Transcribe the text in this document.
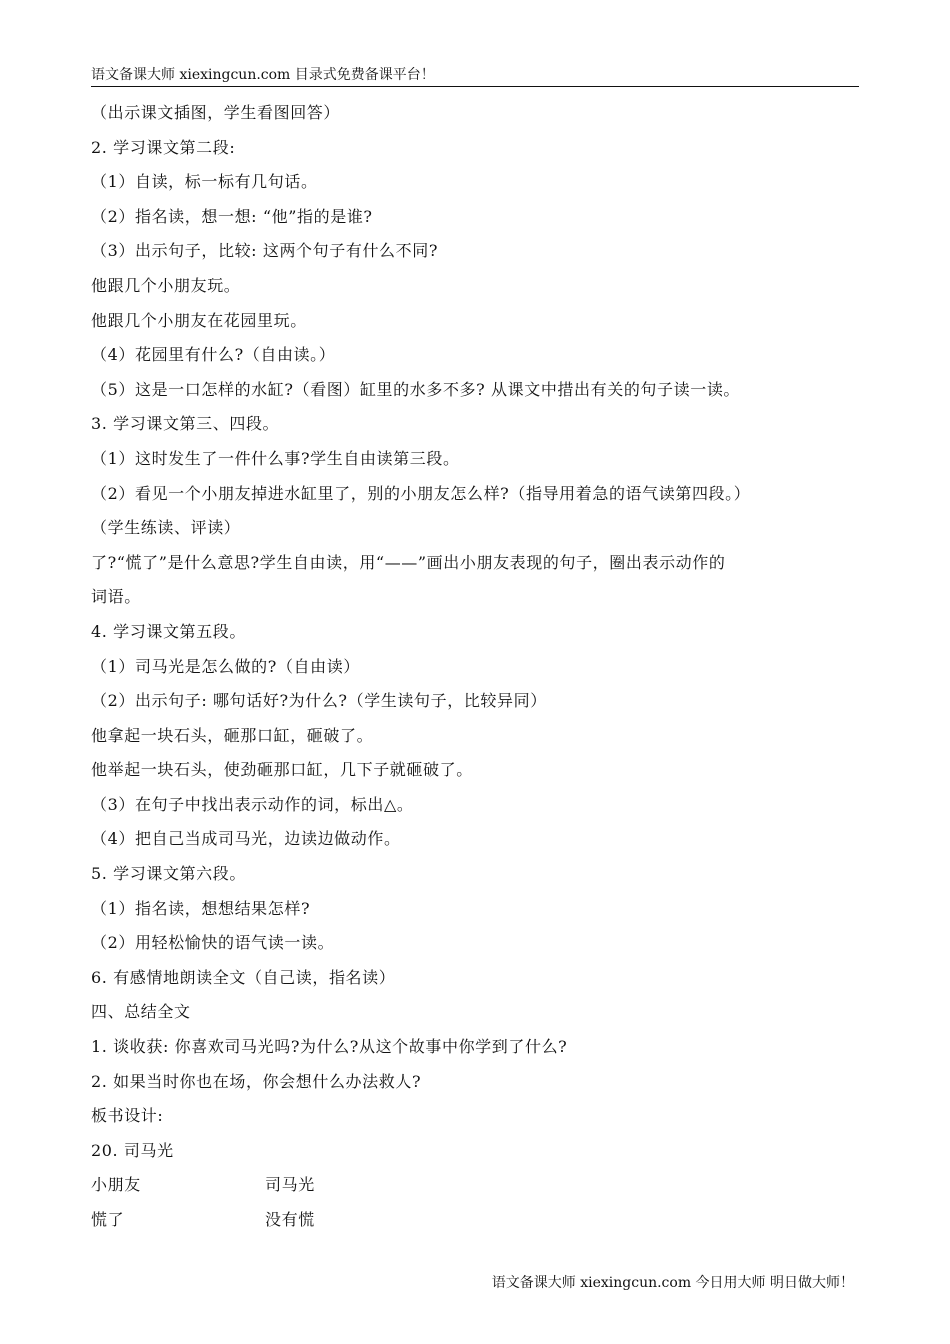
语文备课大师 xiexingcun.com 目录式免费备课平台！
（出示课文插图，学生看图回答）
2. 学习课文第二段:
（1）自读，标一标有几句话。
（2）指名读，想一想: “他”指的是谁?
（3）出示句子，比较: 这两个句子有什么不同?
他跟几个小朋友玩。
他跟几个小朋友在花园里玩。
（4）花园里有什么?（自由读。）
（5）这是一口怎样的水缸?（看图）缸里的水多不多? 从课文中措出有关的句子读一读。
3. 学习课文第三、四段。
（1）这时发生了一件什么事?学生自由读第三段。
（2）看见一个小朋友掉进水缸里了，别的小朋友怎么样?（指导用着急的语气读第四段。）
（学生练读、评读）
了?“慌了”是什么意思?学生自由读，用“——”画出小朋友表现的句子，圈出表示动作的
词语。
4. 学习课文第五段。
（1）司马光是怎么做的?（自由读）
（2）出示句子: 哪句话好?为什么?（学生读句子，比较异同）
他拿起一块石头，砸那口缸，砸破了。
他举起一块石头，使劲砸那口缸，几下子就砸破了。
（3）在句子中找出表示动作的词，标出△。
（4）把自己当成司马光，边读边做动作。
5. 学习课文第六段。
（1）指名读，想想结果怎样?
（2）用轻松愉快的语气读一读。
6. 有感情地朗读全文（自己读，指名读）
四、总结全文
1. 谈收获: 你喜欢司马光吗?为什么?从这个故事中你学到了什么?
2. 如果当时你也在场，你会想什么办法救人?
板书设计:
20. 司马光
小朋友	司马光
慌了	没有慌
语文备课大师 xiexingcun.com 今日用大师 明日做大师！
